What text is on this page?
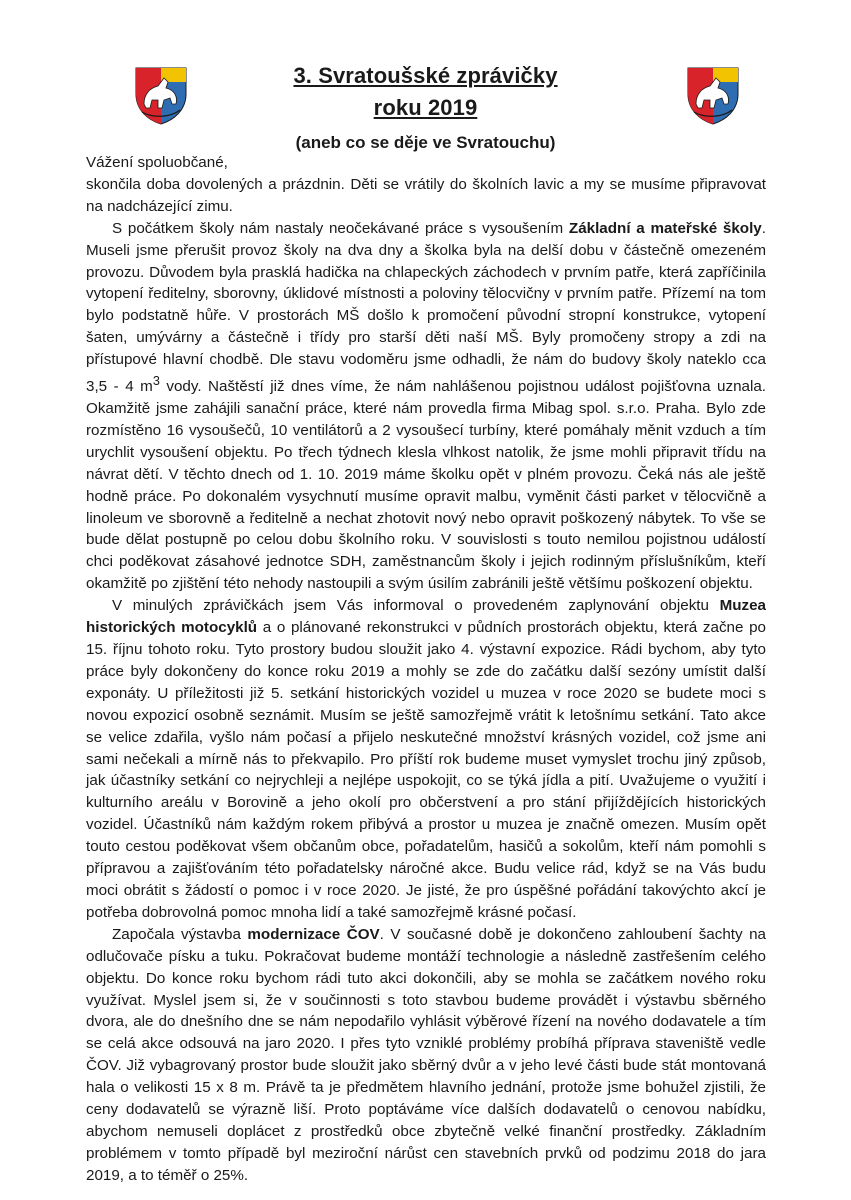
3. Svratoušské zprávičky
roku 2019
(aneb co se děje ve Svratouchu)

Vážení spoluobčané,

skončila doba dovolených a prázdnin. Děti se vrátily do školních lavic a my se musíme připravovat na nadcházející zimu.

S počátkem školy nám nastaly neočekávané práce s vysoušením Základní a mateřské školy. Museli jsme přerušit provoz školy na dva dny a školka byla na delší dobu v částečně omezeném provozu. Důvodem byla prasklá hadička na chlapeckých záchodech v prvním patře, která zapříčinila vytopení ředitelny, sborovny, úklidové místnosti a poloviny tělocvičny v prvním patře. Přízemí na tom bylo podstatně hůře. V prostorách MŠ došlo k promočení původní stropní konstrukce, vytopení šaten, umývárny a částečně i třídy pro starší děti naší MŠ. Byly promočeny stropy a zdi na přístupové hlavní chodbě. Dle stavu vodoměru jsme odhadli, že nám do budovy školy nateklo cca 3,5 - 4 $m^3$ vody. Naštěstí již dnes víme, že nám nahlášenou pojistnou událost pojišťovna uznala. Okamžitě jsme zahájili sanační práce, které nám provedla firma Mibag spol. s.r.o. Praha. Bylo zde rozmístěno 16 vysoušečů, 10 ventilátorů a 2 vysoušecí turbíny, které pomáhaly měnit vzduch a tím urychlit vysoušení objektu. Po třech týdnech klesla vlhkost natolik, že jsme mohli připravit třídu na návrat dětí. V těchto dnech od 1. 10. 2019 máme školku opět v plném provozu. Čeká nás ale ještě hodně práce. Po dokonalém vysychnutí musíme opravit malbu, vyměnit části parket v tělocvičně a linoleum ve sborovně a ředitelně a nechat zhotovit nový nebo opravit poškozený nábytek. To vše se bude dělat postupně po celou dobu školního roku. V souvislosti s touto nemilou pojistnou událostí chci poděkovat zásahové jednotce SDH, zaměstnancům školy i jejich rodinným příslušníkům, kteří okamžitě po zjištění této nehody nastoupili a svým úsilím zabránili ještě většímu poškození objektu.

V minulých zprávičkách jsem Vás informoval o provedeném zaplynování objektu Muzea historických motocyklů a o plánované rekonstrukci v půdních prostorách objektu, která začne po 15. říjnu tohoto roku. Tyto prostory budou sloužit jako 4. výstavní expozice. Rádi bychom, aby tyto práce byly dokončeny do konce roku 2019 a mohly se zde do začátku další sezóny umístit další exponáty. U příležitosti již 5. setkání historických vozidel u muzea v roce 2020 se budete moci s novou expozicí osobně seznámit. Musím se ještě samozřejmě vrátit k letošnímu setkání. Tato akce se velice zdařila, vyšlo nám počasí a přijelo neskutečné množství krásných vozidel, což jsme ani sami nečekali a mírně nás to překvapilo. Pro příští rok budeme muset vymyslet trochu jiný způsob, jak účastníky setkání co nejrychleji a nejlépe uspokojit, co se týká jídla a pití. Uvažujeme o využití i kulturního areálu v Borovině a jeho okolí pro občerstvení a pro stání přijíždějících historických vozidel. Účastníků nám každým rokem přibývá a prostor u muzea je značně omezen. Musím opět touto cestou poděkovat všem občanům obce, pořadatelům, hasičů a sokolům, kteří nám pomohli s přípravou a zajišťováním této pořadatelsky náročné akce. Budu velice rád, když se na Vás budu moci obrátit s žádostí o pomoc i v roce 2020. Je jisté, že pro úspěšné pořádání takovýchto akcí je potřeba dobrovolná pomoc mnoha lidí a také samozřejmě krásné počasí.

Započala výstavba modernizace ČOV. V současné době je dokončeno zahloubení šachty na odlučovače písku a tuku. Pokračovat budeme montáží technologie a následně zastřešením celého objektu. Do konce roku bychom rádi tuto akci dokončili, aby se mohla se začátkem nového roku využívat. Myslel jsem si, že v součinnosti s toto stavbou budeme provádět i výstavbu sběrného dvora, ale do dnešního dne se nám nepodařilo vyhlásit výběrové řízení na nového dodavatele a tím se celá akce odsouvá na jaro 2020. I přes tyto vzniklé problémy probíhá příprava staveniště vedle ČOV. Již vybagrovaný prostor bude sloužit jako sběrný dvůr a v jeho levé části bude stát montovaná hala o velikosti 15 x 8 m. Právě ta je předmětem hlavního jednání, protože jsme bohužel zjistili, že ceny dodavatelů se výrazně liší. Proto poptáváme více dalších dodavatelů o cenovou nabídku, abychom nemuseli doplácet z prostředků obce zbytečně velké finanční prostředky. Základním problémem v tomto případě byl meziroční nárůst cen stavebních prvků od podzimu 2018 do jara 2019, a to téměř o 25%.
